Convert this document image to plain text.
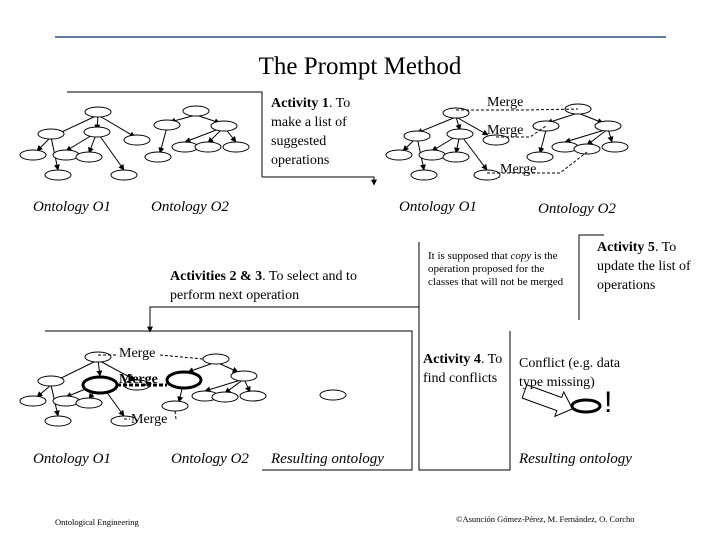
The Prompt Method
Activity 1. To make a list of suggested operations
Merge
Merge
Merge
Ontology O1	Ontology O2	Ontology O1	Ontology O2
Activities 2 & 3. To select and to perform next operation
It is supposed that copy is the operation proposed for the classes that will not be merged
Activity 5. To update the list of operations
Merge
Merge
Merge
Activity 4. To find conflicts
Conflict (e.g. data type missing)
!
Ontology O1	Ontology O2 Resulting ontology	Resulting ontology
Ontological Engineering	©Asunción Gómez-Pérez, M. Fernández, O. Corcho
